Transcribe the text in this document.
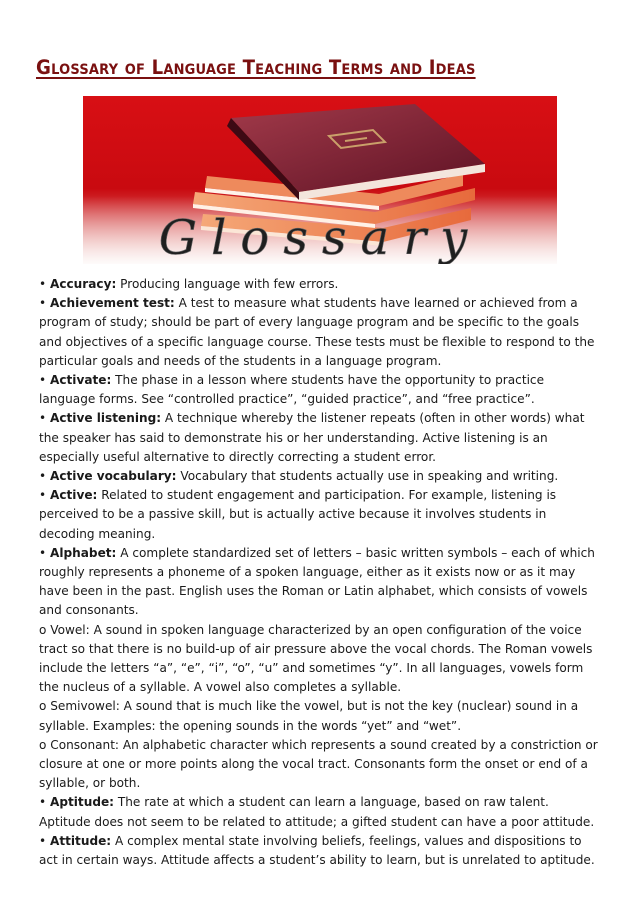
Glossary of Language Teaching Terms and Ideas
Glossary

• Accuracy: Producing language with few errors.

• Achievement test: A test to measure what students have learned or achieved from a program of study; should be part of every language program and be specific to the goals and objectives of a specific language course. These tests must be flexible to respond to the particular goals and needs of the students in a language program.

• Activate: The phase in a lesson where students have the opportunity to practice language forms. See “controlled practice”, “guided practice”, and “free practice”.

• Active listening: A technique whereby the listener repeats (often in other words) what the speaker has said to demonstrate his or her understanding. Active listening is an especially useful alternative to directly correcting a student error.

• Active vocabulary: Vocabulary that students actually use in speaking and writing.

• Active: Related to student engagement and participation. For example, listening is perceived to be a passive skill, but is actually active because it involves students in decoding meaning.

• Alphabet: A complete standardized set of letters – basic written symbols – each of which roughly represents a phoneme of a spoken language, either as it exists now or as it may have been in the past. English uses the Roman or Latin alphabet, which consists of vowels and consonants.

o Vowel: A sound in spoken language characterized by an open configuration of the voice tract so that there is no build-up of air pressure above the vocal chords. The Roman vowels include the letters “a”, “e”, “i”, “o”, “u” and sometimes “y”. In all languages, vowels form the nucleus of a syllable. A vowel also completes a syllable.

o Semivowel: A sound that is much like the vowel, but is not the key (nuclear) sound in a syllable. Examples: the opening sounds in the words “yet” and “wet”.

o Consonant: An alphabetic character which represents a sound created by a constriction or closure at one or more points along the vocal tract. Consonants form the onset or end of a syllable, or both.

• Aptitude: The rate at which a student can learn a language, based on raw talent. Aptitude does not seem to be related to attitude; a gifted student can have a poor attitude.

• Attitude: A complex mental state involving beliefs, feelings, values and dispositions to act in certain ways. Attitude affects a student’s ability to learn, but is unrelated to aptitude.
